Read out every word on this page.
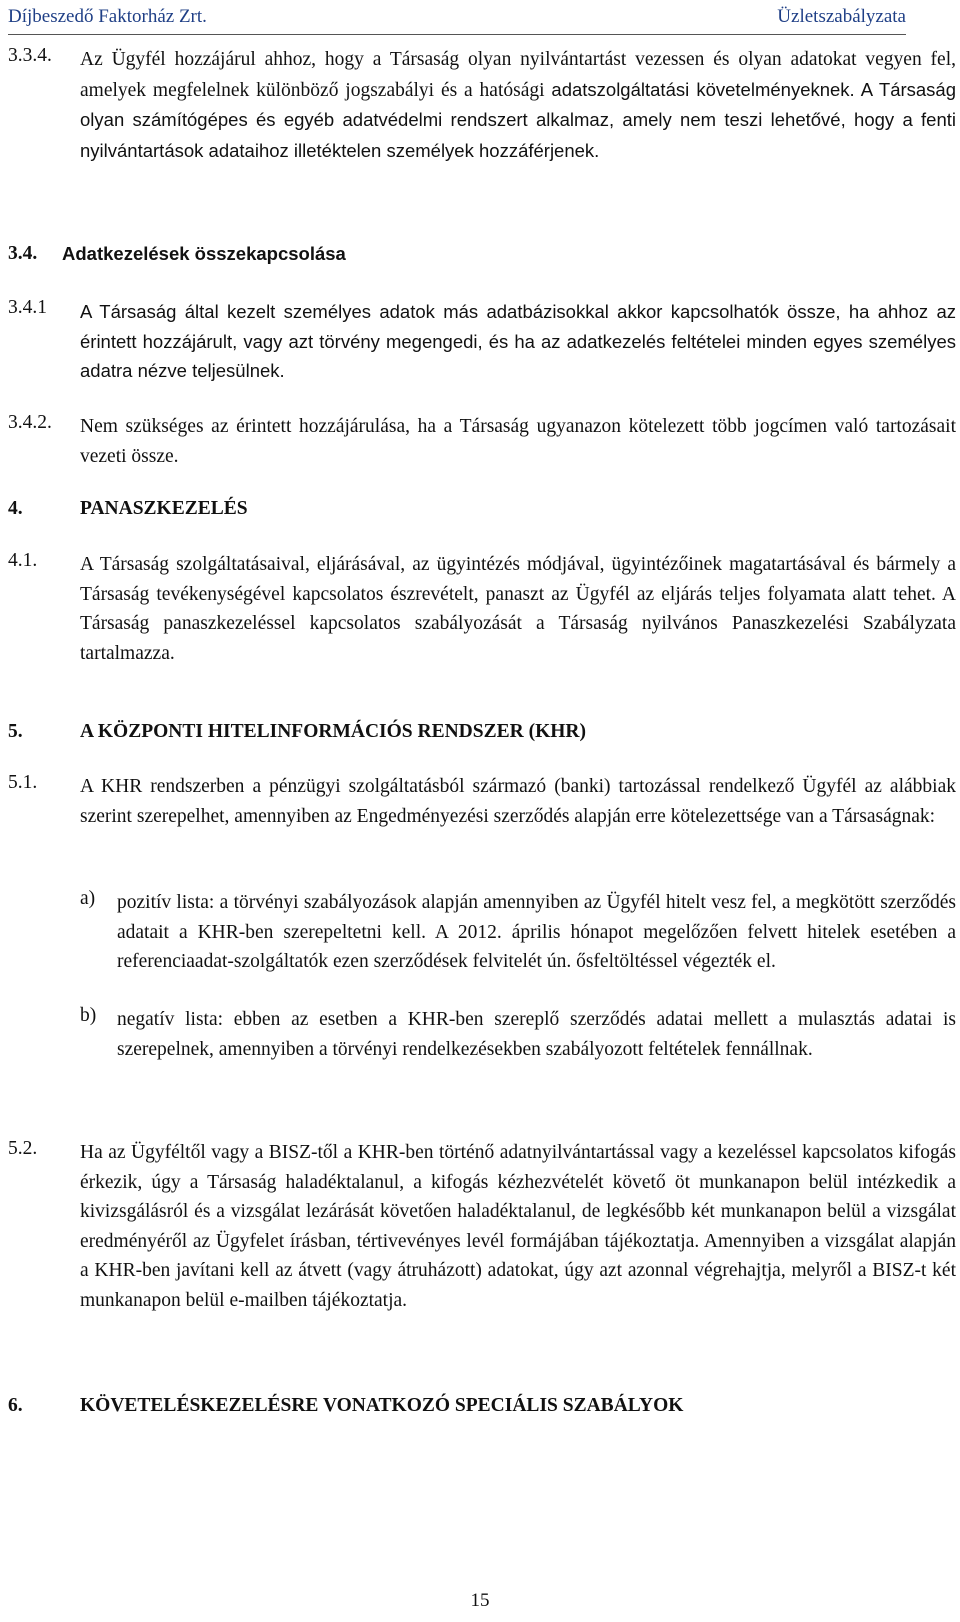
Díjbeszedő Faktorház Zrt.	Üzletszabályzata
3.3.4. Az Ügyfél hozzájárul ahhoz, hogy a Társaság olyan nyilvántartást vezessen és olyan adatokat vegyen fel, amelyek megfelelnek különböző jogszabályi és a hatósági adatszolgáltatási követelményeknek. A Társaság olyan számítógépes és egyéb adatvédelmi rendszert alkalmaz, amely nem teszi lehetővé, hogy a fenti nyilvántartások adataihoz illetéktelen személyek hozzáférjenek.
3.4. Adatkezelések összekapcsolása
3.4.1 A Társaság által kezelt személyes adatok más adatbázisokkal akkor kapcsolhatók össze, ha ahhoz az érintett hozzájárult, vagy azt törvény megengedi, és ha az adatkezelés feltételei minden egyes személyes adatra nézve teljesülnek.
3.4.2. Nem szükséges az érintett hozzájárulása, ha a Társaság ugyanazon kötelezett több jogcímen való tartozásait vezeti össze.
4.	PANASZKEZELÉS
4.1. A Társaság szolgáltatásaival, eljárásával, az ügyintézés módjával, ügyintézőinek magatartásával és bármely a Társaság tevékenységével kapcsolatos észrevételt, panaszt az Ügyfél az eljárás teljes folyamata alatt tehet. A Társaság panaszkezeléssel kapcsolatos szabályozását a Társaság nyilvános Panaszkezelési Szabályzata tartalmazza.
5.	A KÖZPONTI HITELINFORMÁCIÓS RENDSZER (KHR)
5.1. A KHR rendszerben a pénzügyi szolgáltatásból származó (banki) tartozással rendelkező Ügyfél az alábbiak szerint szerepelhet, amennyiben az Engedményezési szerződés alapján erre kötelezettsége van a Társaságnak:
a) pozitív lista: a törvényi szabályozások alapján amennyiben az Ügyfél hitelt vesz fel, a megkötött szerződés adatait a KHR-ben szerepeltetni kell. A 2012. április hónapot megelőzően felvett hitelek esetében a referenciaadat-szolgáltatók ezen szerződések felvitelét ún. ősfeltöltéssel végezték el.
b) negatív lista: ebben az esetben a KHR-ben szereplő szerződés adatai mellett a mulasztás adatai is szerepelnek, amennyiben a törvényi rendelkezésekben szabályozott feltételek fennállnak.
5.2. Ha az Ügyféltől vagy a BISZ-től a KHR-ben történő adatnyilvántartással vagy a kezeléssel kapcsolatos kifogás érkezik, úgy a Társaság haladéktalanul, a kifogás kézhezvételét követő öt munkanapon belül intézkedik a kivizsgálásról és a vizsgálat lezárását követően haladéktalanul, de legkésőbb két munkanapon belül a vizsgálat eredményéről az Ügyfelet írásban, tértivevényes levél formájában tájékoztatja. Amennyiben a vizsgálat alapján a KHR-ben javítani kell az átvett (vagy átruházott) adatokat, úgy azt azonnal végrehajtja, melyről a BISZ-t két munkanapon belül e-mailben tájékoztatja.
6.	KÖVETELÉSKEZELÉSRE VONATKOZÓ SPECIÁLIS SZABÁLYOK
15
